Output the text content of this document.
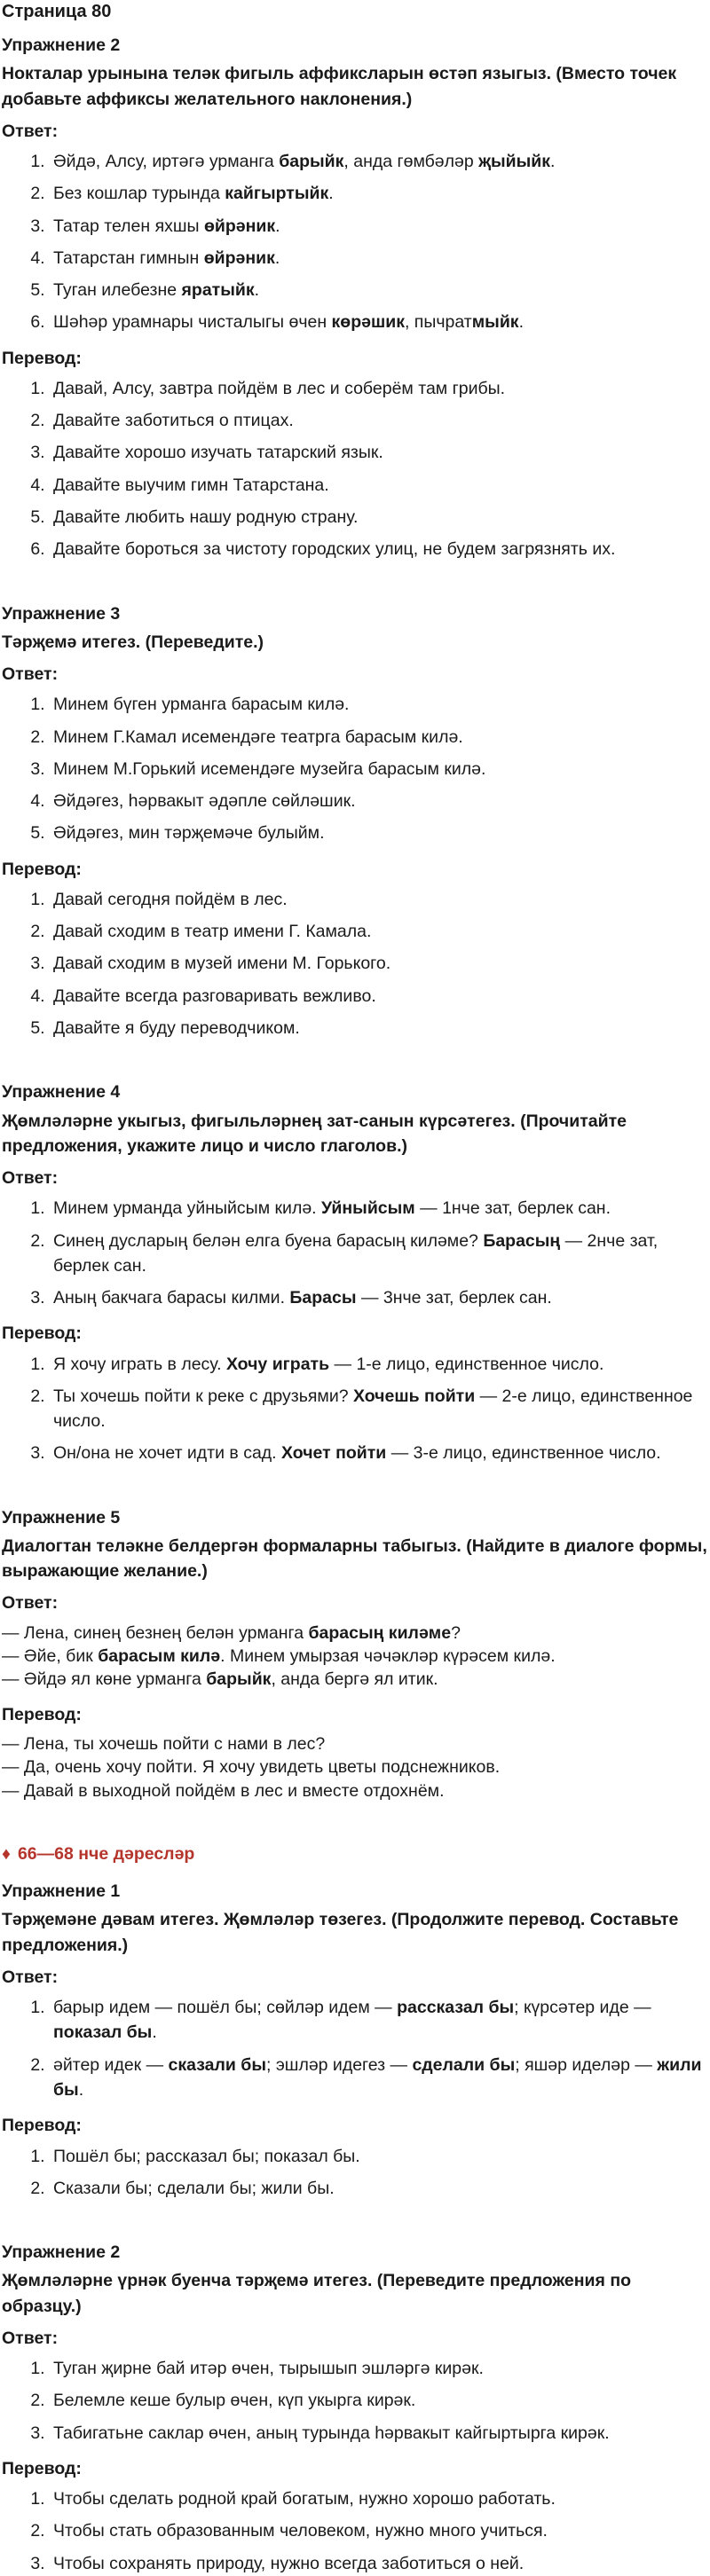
Страница 80
Упражнение 2
Нокталар урынына теләк фигыль аффиксларын өстәп языгыз. (Вместо точек добавьте аффиксы желательного наклонения.)
Ответ:
1. Әйдә, Алсу, иртәгә урманга барыйк, анда гөмбәләр җыйыйк.
2. Без кошлар турында кайгыртыйк.
3. Татар телен яхшы өйрәник.
4. Татарстан гимнын өйрәник.
5. Туган илебезне яратыйк.
6. Шәһәр урамнары чисталыгы өчен көрәшик, пычратмыйк.
Перевод:
1. Давай, Алсу, завтра пойдём в лес и соберём там грибы.
2. Давайте заботиться о птицах.
3. Давайте хорошо изучать татарский язык.
4. Давайте выучим гимн Татарстана.
5. Давайте любить нашу родную страну.
6. Давайте бороться за чистоту городских улиц, не будем загрязнять их.
Упражнение 3
Тәрҗемә итегез. (Переведите.)
Ответ:
1. Минем бүген урманга барасым килә.
2. Минем Г.Камал исемендәге театрга барасым килә.
3. Минем М.Горький исемендәге музейга барасым килә.
4. Әйдәгез, һәрвакыт әдәпле сөйләшик.
5. Әйдәгез, мин тәрҗемәче булыйм.
Перевод:
1. Давай сегодня пойдём в лес.
2. Давай сходим в театр имени Г. Камала.
3. Давай сходим в музей имени М. Горького.
4. Давайте всегда разговаривать вежливо.
5. Давайте я буду переводчиком.
Упражнение 4
Җөмләләрне укыгыз, фигыльләрнең зат-санын күрсәтегез. (Прочитайте предложения, укажите лицо и число глаголов.)
Ответ:
1. Минем урманда уйныйсым килә. Уйныйсым — 1нче зат, берлек сан.
2. Синең дусларың белән елга буена барасың киләме? Барасың — 2нче зат, берлек сан.
3. Аның бакчага барасы килми. Барасы — 3нче зат, берлек сан.
Перевод:
1. Я хочу играть в лесу. Хочу играть — 1-е лицо, единственное число.
2. Ты хочешь пойти к реке с друзьями? Хочешь пойти — 2-е лицо, единственное число.
3. Он/она не хочет идти в сад. Хочет пойти — 3-е лицо, единственное число.
Упражнение 5
Диалогтан теләкне белдергән формаларны табыгыз. (Найдите в диалоге формы, выражающие желание.)
Ответ:
— Лена, синең безнең белән урманга барасың киләме?
— Әйе, бик барасым килә. Минем умырзая чәчәкләр күрәсем килә.
— Әйдә ял көне урманга барыйк, анда бергә ял итик.
Перевод:
— Лена, ты хочешь пойти с нами в лес?
— Да, очень хочу пойти. Я хочу увидеть цветы подснежников.
— Давай в выходной пойдём в лес и вместе отдохнём.
♦ 66—68 нче дәресләр
Упражнение 1
Тәрҗемәне дәвам итегез. Җөмләләр төзегез. (Продолжите перевод. Составьте предложения.)
Ответ:
1. барыр идем — пошёл бы; сөйләр идем — рассказал бы; күрсәтер иде — показал бы.
2. әйтер идек — сказали бы; эшләр идегез — сделали бы; яшәр иделәр — жили бы.
Перевод:
1. Пошёл бы; рассказал бы; показал бы.
2. Сказали бы; сделали бы; жили бы.
Упражнение 2
Җөмләләрне үрнәк буенча тәрҗемә итегез. (Переведите предложения по образцу.)
Ответ:
1. Туган җирне бай итәр өчен, тырышып эшләргә кирәк.
2. Белемле кеше булыр өчен, күп укырга кирәк.
3. Табигатьне саклар өчен, аның турында һәрвакыт кайгыртырга кирәк.
Перевод:
1. Чтобы сделать родной край богатым, нужно хорошо работать.
2. Чтобы стать образованным человеком, нужно много учиться.
3. Чтобы сохранять природу, нужно всегда заботиться о ней.
